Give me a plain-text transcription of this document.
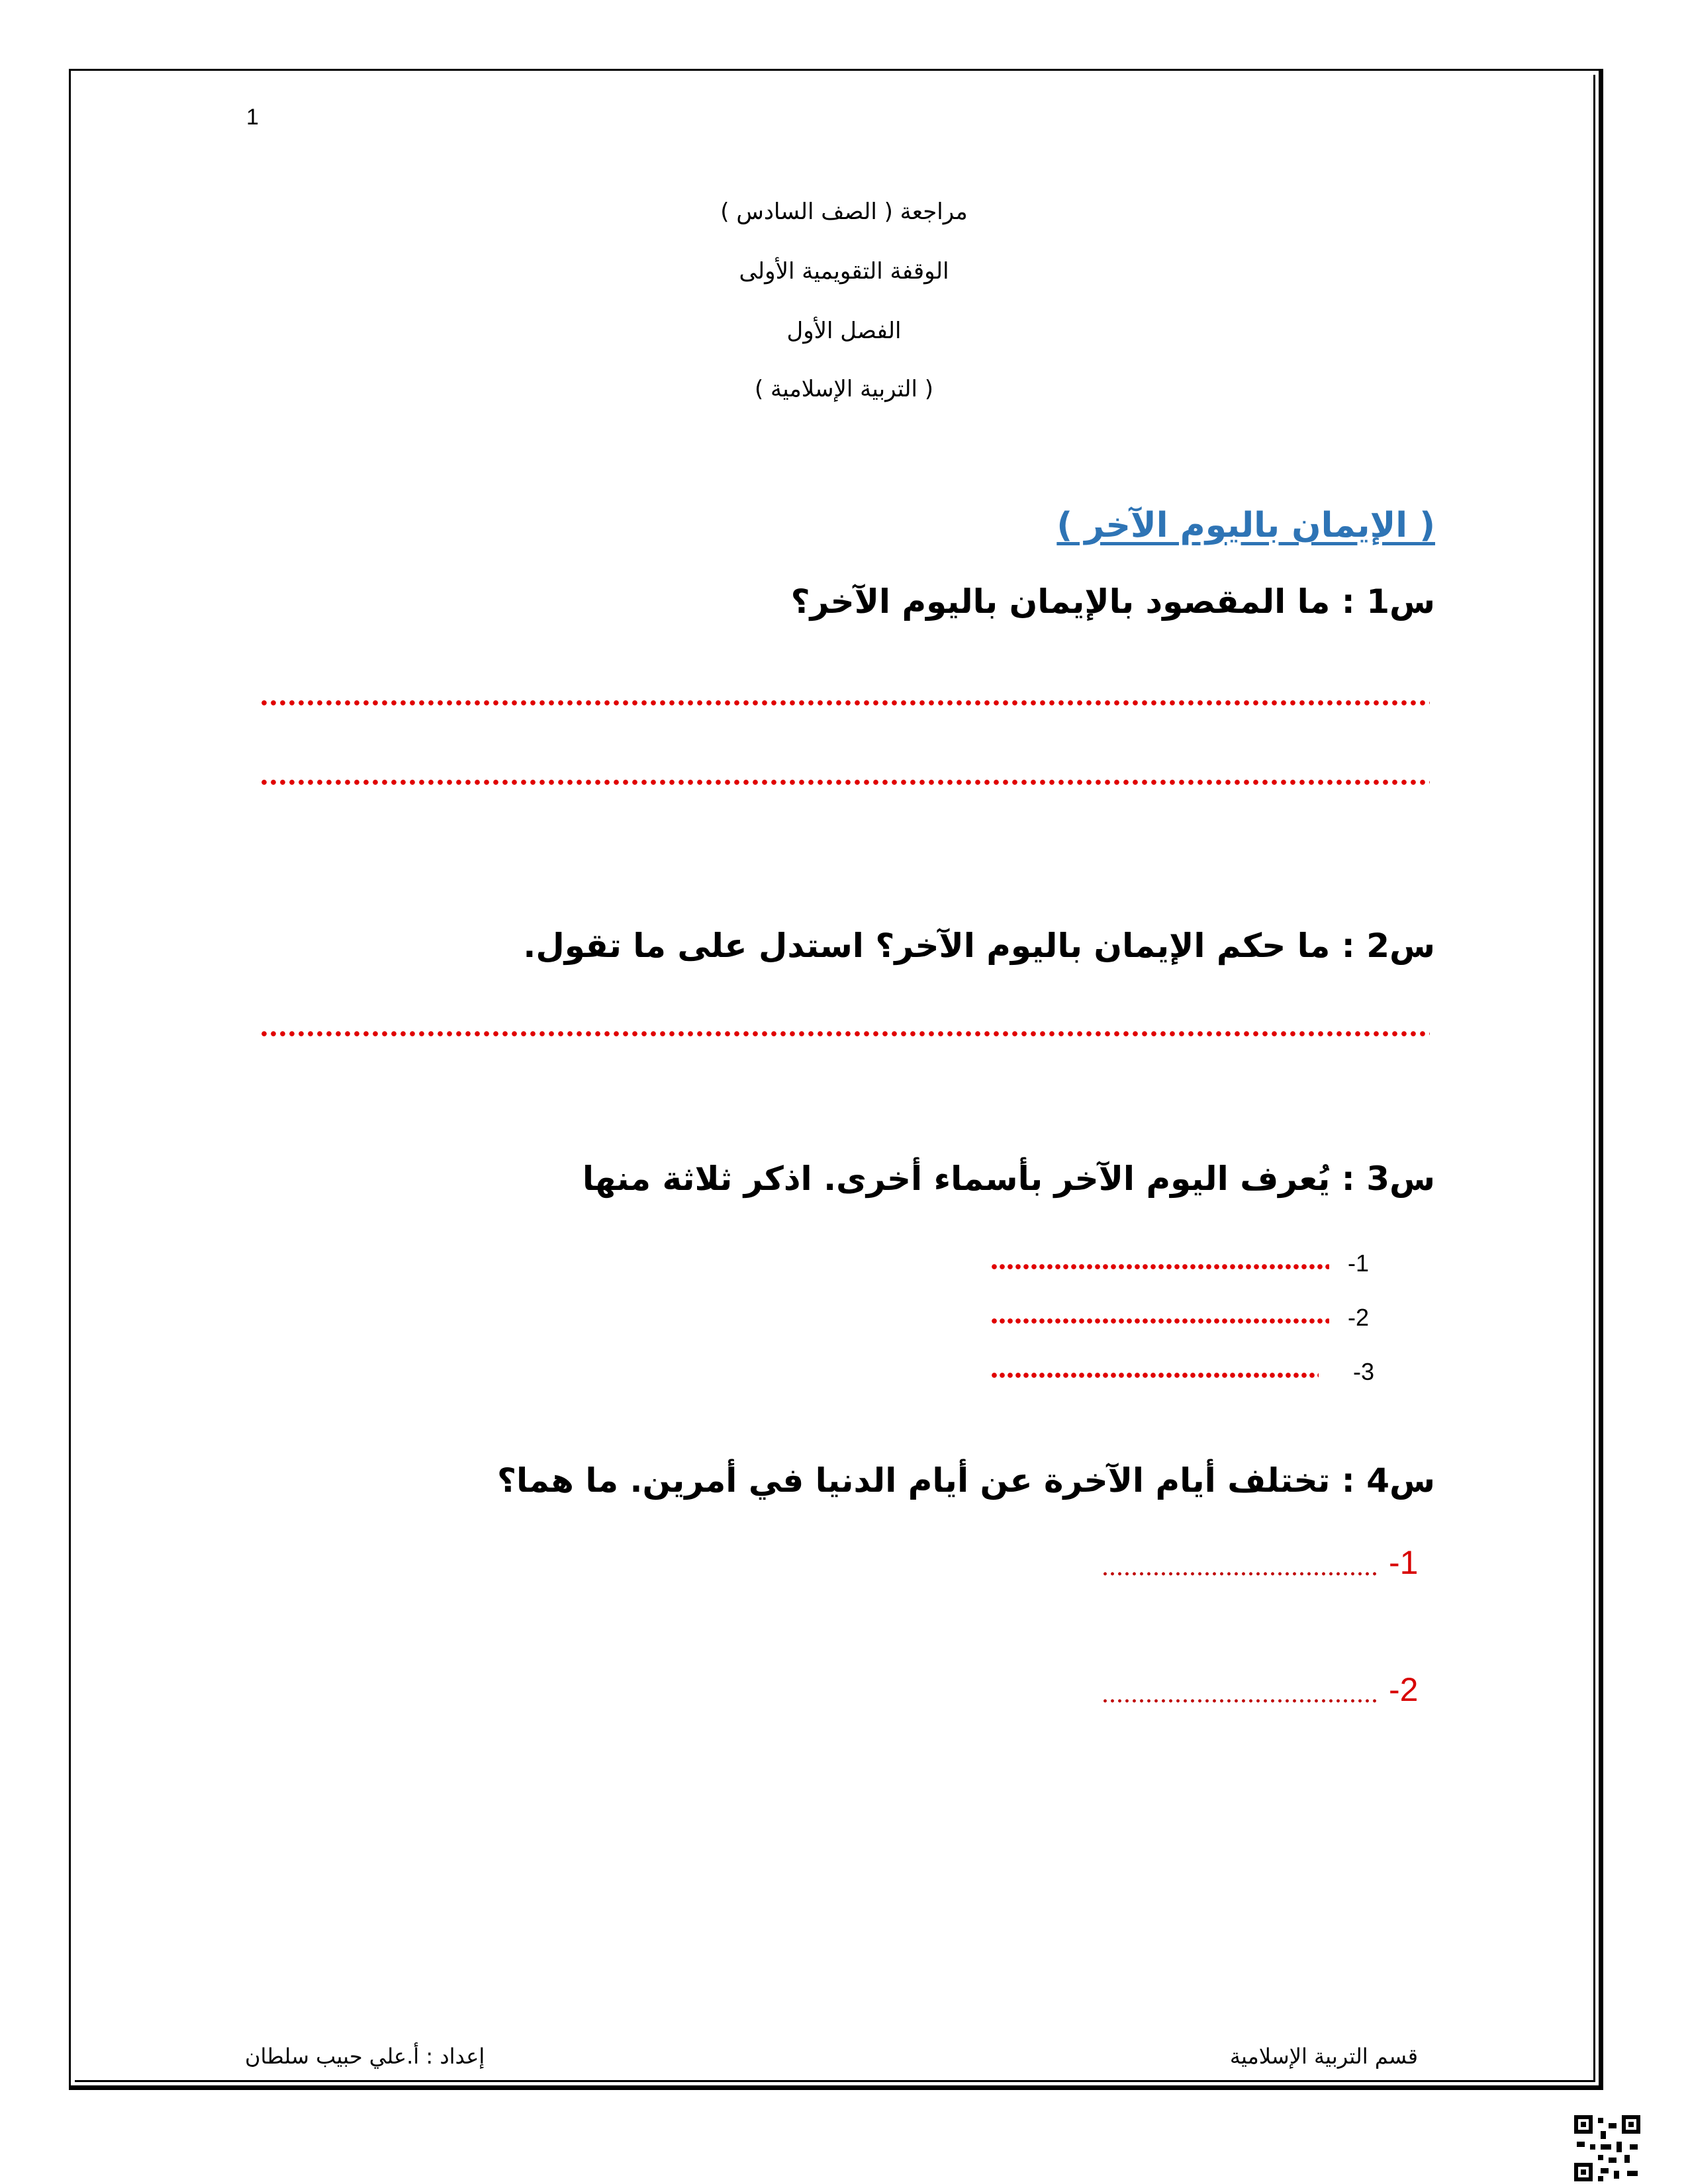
1
مراجعة ( الصف السادس )
الوقفة التقويمية الأولى
الفصل الأول
( التربية الإسلامية )
( الإيمان باليوم الآخر )
س1 : ما المقصود بالإيمان باليوم الآخر؟
س2 : ما حكم الإيمان باليوم الآخر؟ استدل على ما تقول.
س3 : يُعرف اليوم الآخر بأسماء أخرى. اذكر ثلاثة منها
1-
2-
3-
س4 : تختلف أيام الآخرة عن أيام الدنيا في أمرين. ما هما؟
1-
2-
قسم التربية الإسلامية
إعداد : أ.علي حبيب سلطان
